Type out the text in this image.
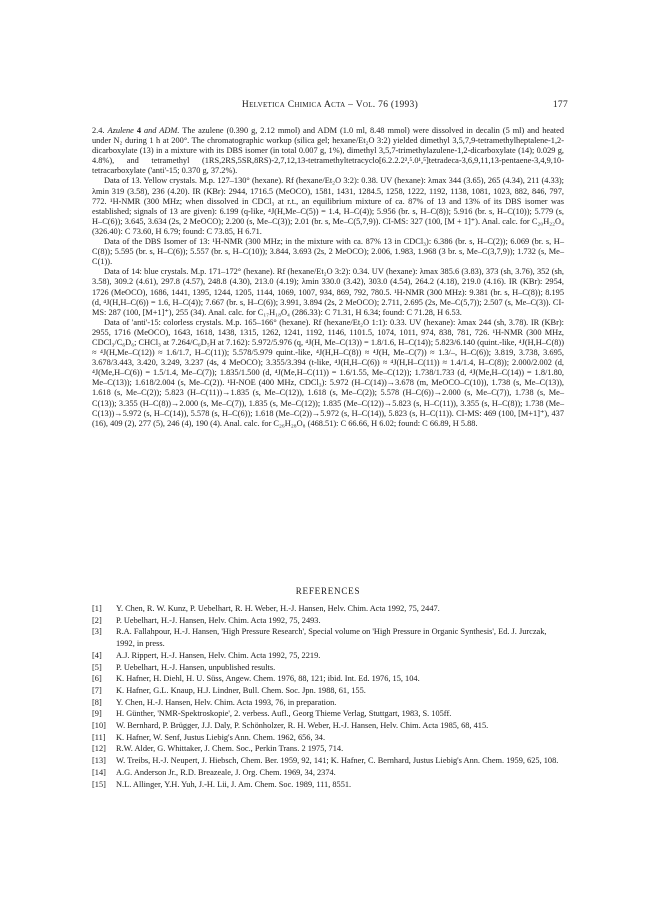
Helvetica Chimica Acta – Vol. 76 (1993)	177

2.4. Azulene 4 and ADM. The azulene (0.390 g, 2.12 mmol) and ADM (1.0 ml, 8.48 mmol) were dissolved in decalin (5 ml) and heated under N₂ during 1 h at 200°. The chromatographic workup (silica gel; hexane/Et₂O 3:2) yielded dimethyl 3,5,7,9-tetramethylheptalene-1,2-dicarboxylate (13) in a mixture with its DBS isomer (in total 0.007 g, 1%), dimethyl 3,5,7-trimethylazulene-1,2-dicarboxylate (14); 0.029 g, 4.8%), and tetramethyl (1RS,2RS,5SR,8RS)-2,7,12,13-tetramethyltetracyclo[6.2.2.2²,⁵.0¹,⁵]tetradeca-3,6,9,11,13-pentaene-3,4,9,10-tetracarboxylate ('anti'-15; 0.370 g, 37.2%).

Data of 13. Yellow crystals. M.p. 127–130° (hexane). Rf (hexane/Et₂O 3:2): 0.38. UV (hexane): λmax 344 (3.65), 265 (4.34), 211 (4.33); λmin 319 (3.58), 236 (4.20). IR (KBr): 2944, 1716.5 (MeOCO), 1581, 1431, 1284.5, 1258, 1222, 1192, 1138, 1081, 1023, 882, 846, 797, 772. ¹H-NMR (300 MHz; when dissolved in CDCl₃ at r.t., an equilibrium mixture of ca. 87% of 13 and 13% of its DBS isomer was established; signals of 13 are given): 6.199 (q-like, ⁴J(H,Me–C(5)) = 1.4, H–C(4)); 5.956 (br. s, H–C(8)); 5.916 (br. s, H–C(10)); 5.779 (s, H–C(6)); 3.645, 3.634 (2s, 2 MeOCO); 2.200 (s, Me–C(3)); 2.01 (br. s, Me–C(5,7,9)). CI-MS: 327 (100, [M + 1]⁺). Anal. calc. for C₂₀H₂₂O₄ (326.40): C 73.60, H 6.79; found: C 73.85, H 6.71.

Data of the DBS Isomer of 13: ¹H-NMR (300 MHz; in the mixture with ca. 87% 13 in CDCl₃): 6.386 (br. s, H–C(2)); 6.069 (br. s, H–C(8)); 5.595 (br. s, H–C(6)); 5.557 (br. s, H–C(10)); 3.844, 3.693 (2s, 2 MeOCO); 2.006, 1.983, 1.968 (3 br. s, Me–C(3,7,9)); 1.732 (s, Me–C(1)).

Data of 14: blue crystals. M.p. 171–172° (hexane). Rf (hexane/Et₂O 3:2): 0.34. UV (hexane): λmax 385.6 (3.83), 373 (sh, 3.76), 352 (sh, 3.58), 309.2 (4.61), 297.8 (4.57), 248.8 (4.30), 213.0 (4.19); λmin 330.0 (3.42), 303.0 (4.54), 264.2 (4.18), 219.0 (4.16). IR (KBr): 2954, 1726 (MeOCO), 1686, 1441, 1395, 1244, 1205, 1144, 1069, 1007, 934, 869, 792, 780.5. ¹H-NMR (300 MHz): 9.381 (br. s, H–C(8)); 8.195 (d, ⁴J(H,H–C(6)) = 1.6, H–C(4)); 7.667 (br. s, H–C(6)); 3.991, 3.894 (2s, 2 MeOCO); 2.711, 2.695 (2s, Me–C(5,7)); 2.507 (s, Me–C(3)). CI-MS: 287 (100, [M+1]⁺), 255 (34). Anal. calc. for C₁₇H₁₈O₄ (286.33): C 71.31, H 6.34; found: C 71.28, H 6.53.

Data of 'anti'-15: colorless crystals. M.p. 165–166° (hexane). Rf (hexane/Et₂O 1:1): 0.33. UV (hexane): λmax 244 (sh, 3.78). IR (KBr): 2955, 1716 (MeOCO), 1643, 1618, 1438, 1315, 1262, 1241, 1192, 1146, 1101.5, 1074, 1011, 974, 838, 781, 726. ¹H-NMR (300 MHz, CDCl₃/C₆D₆; CHCl₃ at 7.264/C₆D₅H at 7.162): 5.972/5.976 (q, ⁴J(H, Me–C(13)) = 1.8/1.6, H–C(14)); 5.823/6.140 (quint.-like, ⁴J(H,H–C(8)) ≈ ⁴J(H,Me–C(12)) ≈ 1.6/1.7, H–C(11)); 5.578/5.979 quint.-like, ⁴J(H,H–C(8)) ≈ ⁴J(H, Me–C(7)) ≈ 1.3/–, H–C(6)); 3.819, 3.738, 3.695, 3.678/3.443, 3.420, 3.249, 3.237 (4s, 4 MeOCO); 3.355/3.394 (t-like, ⁴J(H,H–C(6)) ≈ ⁴J(H,H–C(11)) ≈ 1.4/1.4, H–C(8)); 2.000/2.002 (d, ⁴J(Me,H–C(6)) = 1.5/1.4, Me–C(7)); 1.835/1.500 (d, ⁴J(Me,H–C(11)) = 1.6/1.55, Me–C(12)); 1.738/1.733 (d, ⁴J(Me,H–C(14)) = 1.8/1.80, Me–C(13)); 1.618/2.004 (s, Me–C(2)). ¹H-NOE (400 MHz, CDCl₃): 5.972 (H–C(14))→3.678 (m, MeOCO–C(10)), 1.738 (s, Me–C(13)), 1.618 (s, Me–C(2)); 5.823 (H–C(11))→1.835 (s, Me–C(12)), 1.618 (s, Me–C(2)); 5.578 (H–C(6))→2.000 (s, Me–C(7)), 1.738 (s, Me–C(13)); 3.355 (H–C(8))→2.000 (s, Me–C(7)), 1.835 (s, Me–C(12)); 1.835 (Me–C(12))→5.823 (s, H–C(11)), 3.355 (s, H–C(8)); 1.738 (Me–C(13))→5.972 (s, H–C(14)), 5.578 (s, H–C(6)); 1.618 (Me–C(2))→5.972 (s, H–C(14)), 5.823 (s, H–C(11)). CI-MS: 469 (100, [M+1]⁺), 437 (16), 409 (2), 277 (5), 246 (4), 190 (4). Anal. calc. for C₂₆H₂₈O₈ (468.51): C 66.66, H 6.02; found: C 66.89, H 5.88.

REFERENCES
[1] Y. Chen, R. W. Kunz, P. Uebelhart, R. H. Weber, H.-J. Hansen, Helv. Chim. Acta 1992, 75, 2447.
[2] P. Uebelhart, H.-J. Hansen, Helv. Chim. Acta 1992, 75, 2493.
[3] R.A. Fallahpour, H.-J. Hansen, 'High Pressure Research', Special volume on 'High Pressure in Organic Synthesis', Ed. J. Jurczak, 1992, in press.
[4] A.J. Rippert, H.-J. Hansen, Helv. Chim. Acta 1992, 75, 2219.
[5] P. Uebelhart, H.-J. Hansen, unpublished results.
[6] K. Hafner, H. Diehl, H. U. Süss, Angew. Chem. 1976, 88, 121; ibid. Int. Ed. 1976, 15, 104.
[7] K. Hafner, G.L. Knaup, H.J. Lindner, Bull. Chem. Soc. Jpn. 1988, 61, 155.
[8] Y. Chen, H.-J. Hansen, Helv. Chim. Acta 1993, 76, in preparation.
[9] H. Günther, 'NMR-Spektroskopie', 2. verbess. Aufl., Georg Thieme Verlag, Stuttgart, 1983, S. 105ff.
[10] W. Bernhard, P. Brügger, J.J. Daly, P. Schönholzer, R. H. Weber, H.-J. Hansen, Helv. Chim. Acta 1985, 68, 415.
[11] K. Hafner, W. Senf, Justus Liebig's Ann. Chem. 1962, 656, 34.
[12] R.W. Alder, G. Whittaker, J. Chem. Soc., Perkin Trans. 2 1975, 714.
[13] W. Treibs, H.-J. Neupert, J. Hiebsch, Chem. Ber. 1959, 92, 141; K. Hafner, C. Bernhard, Justus Liebig's Ann. Chem. 1959, 625, 108.
[14] A.G. Anderson Jr., R.D. Breazeale, J. Org. Chem. 1969, 34, 2374.
[15] N.L. Allinger, Y.H. Yuh, J.-H. Lii, J. Am. Chem. Soc. 1989, 111, 8551.
